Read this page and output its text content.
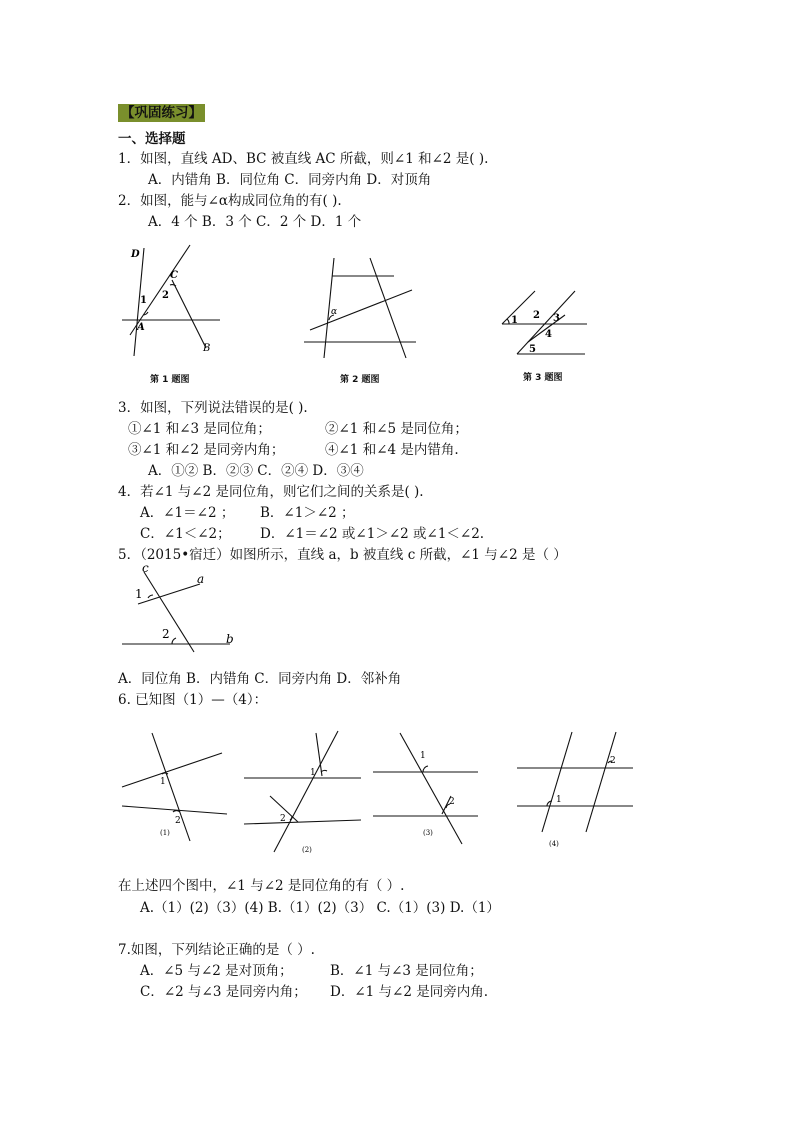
【巩固练习】
一、选择题
1．如图，直线 AD、BC 被直线 AC 所截，则∠1 和∠2 是( ).
A．内错角 B．同位角 C．同旁内角 D．对顶角
2．如图，能与∠α构成同位角的有( ).
A．4 个 B．3 个 C．2 个 D．1 个
D
C
1 2
A
B
第 1 题图
α
第 2 题图
1 2 3
4
5
第 3 题图
3．如图，下列说法错误的是( ).
①∠1 和∠3 是同位角；	②∠1 和∠5 是同位角；
③∠1 和∠2 是同旁内角；	④∠1 和∠4 是内错角.
A．①② B．②③ C．②④ D．③④
4．若∠1 与∠2 是同位角，则它们之间的关系是( ).
A．∠1＝∠2 ； B．∠1＞∠2 ；
C．∠1＜∠2； D．∠1＝∠2 或∠1＞∠2 或∠1＜∠2.
5．（2015•宿迁）如图所示，直线 a，b 被直线 c 所截，∠1 与∠2 是（ ）
c
a
1
2	b
A．同位角 B．内错角 C．同旁内角 D．邻补角
6. 已知图（1）—（4）：
1
2
(1)
1
2
(2)
1
2
(3)
2
1
(4)
在上述四个图中，∠1 与∠2 是同位角的有（ ）.
A.（1）(2)（3）(4) B.（1）(2)（3） C.（1）(3) D.（1）
7.如图，下列结论正确的是（ ）.
A．∠5 与∠2 是对顶角；	B．∠1 与∠3 是同位角；
C．∠2 与∠3 是同旁内角； D．∠1 与∠2 是同旁内角.
